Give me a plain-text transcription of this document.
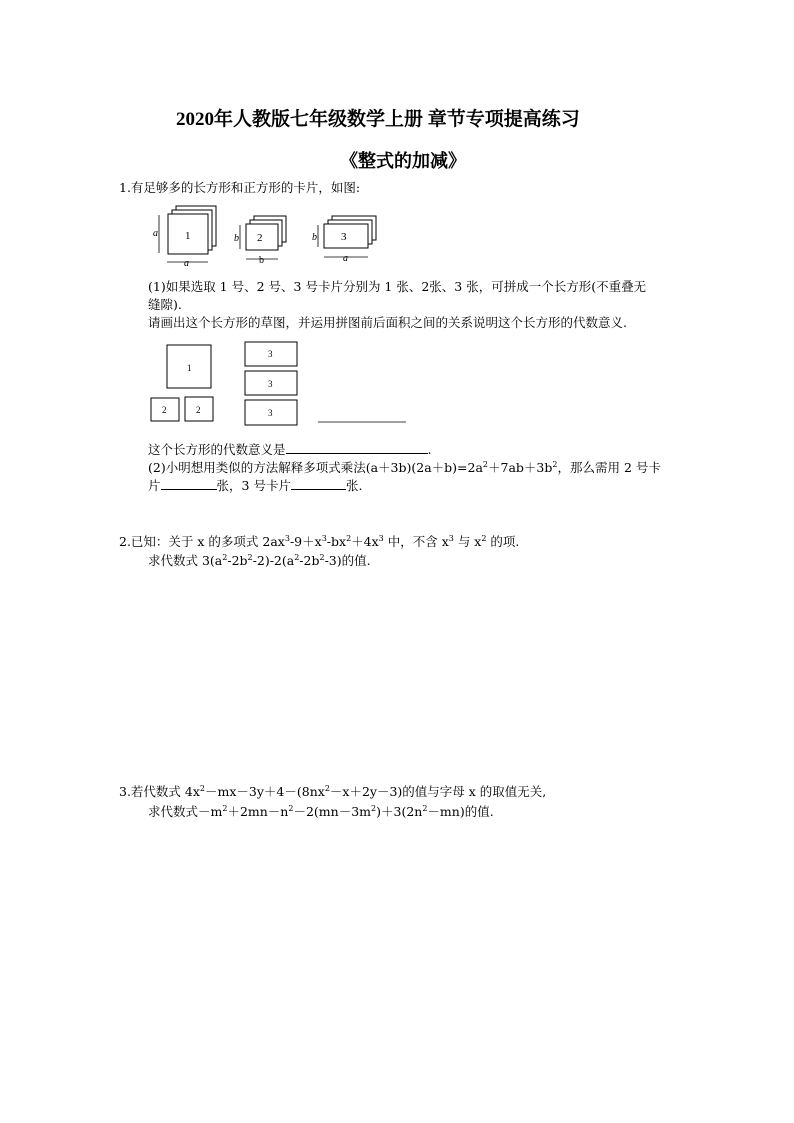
2020年人教版七年级数学上册 章节专项提高练习
《整式的加减》
1.有足够多的长方形和正方形的卡片，如图:
1
a
a
2
b
b
3
b
a
(1)如果选取 1 号、2 号、3 号卡片分别为 1 张、2张、3 张，可拼成一个长方形(不重叠无
缝隙).
请画出这个长方形的草图，并运用拼图前后面积之间的关系说明这个长方形的代数意义.
1
2	2
3
3
3
这个长方形的代数意义是	.
(2)小明想用类似的方法解释多项式乘法$(a+3b)(2a+b)=2a^2+7ab+3b^2$，那么需用 2 号卡
片	张，3 号卡片	张.
2.已知：关于 x 的多项式 $2ax^3-9+x^3-bx^2+4x^3$ 中，不含 $x^3$ 与 $x^2$ 的项.
求代数式 $3(a^2-2b^2-2)-2(a^2-2b^2-3)$的值.
3.若代数式 $4x^2-mx-3y+4-(8nx^2-x+2y-3)$的值与字母 x 的取值无关,
求代数式$-m^2+2mn-n^2-2(mn-3m^2)+3(2n^2-mn)$的值.
